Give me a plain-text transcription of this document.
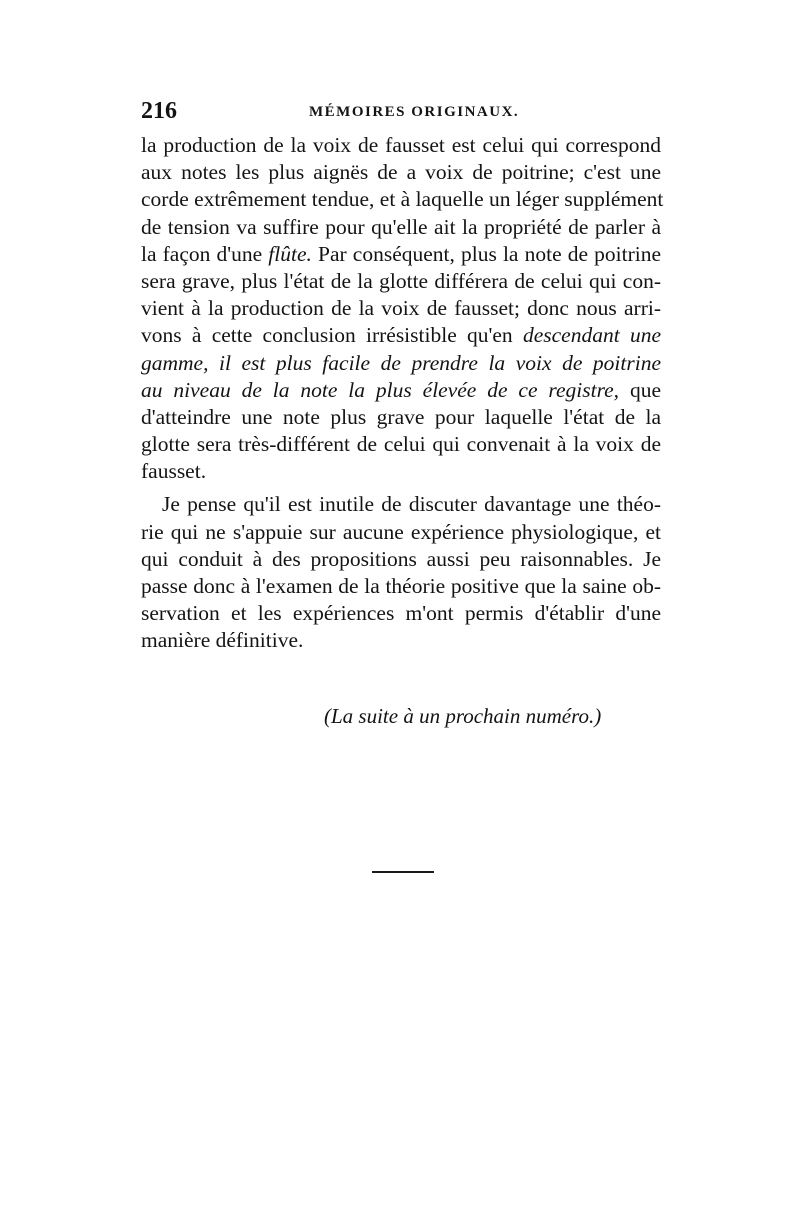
216	MÉMOIRES ORIGINAUX.
la production de la voix de fausset est celui qui correspond
aux notes les plus aignës de a voix de poitrine; c'est une
corde extrêmement tendue, et à laquelle un léger supplément
de tension va suffire pour qu'elle ait la propriété de parler à
la façon d'une flûte. Par conséquent, plus la note de poitrine
sera grave, plus l'état de la glotte différera de celui qui con-
vient à la production de la voix de fausset; donc nous arri-
vons à cette conclusion irrésistible qu'en descendant une
gamme, il est plus facile de prendre la voix de poitrine
au niveau de la note la plus élevée de ce registre, que
d'atteindre une note plus grave pour laquelle l'état de la
glotte sera très-différent de celui qui convenait à la voix de
fausset.
Je pense qu'il est inutile de discuter davantage une théo-
rie qui ne s'appuie sur aucune expérience physiologique, et
qui conduit à des propositions aussi peu raisonnables. Je
passe donc à l'examen de la théorie positive que la saine ob-
servation et les expériences m'ont permis d'établir d'une
manière définitive.
(La suite à un prochain numéro.)
